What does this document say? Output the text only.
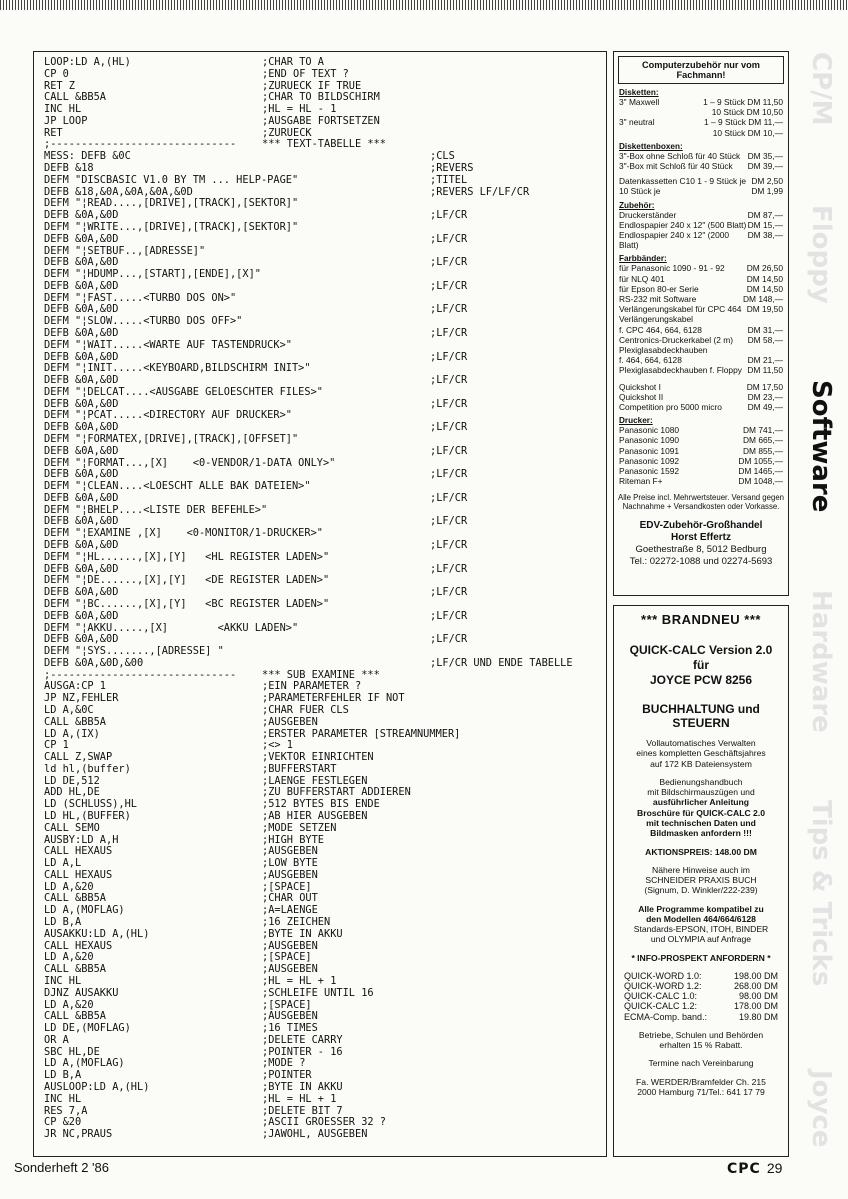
LOOP:LD A,(HL)	;CHAR TO A
CP 0	;END OF TEXT ?
RET Z	;ZURUECK IF TRUE
CALL &BB5A	;CHAR TO BILDSCHIRM
INC HL	;HL = HL - 1
JP LOOP	;AUSGABE FORTSETZEN
RET	;ZURUECK
;------------------------------	*** TEXT-TABELLE ***
MESS: DEFB &0C	;CLS
DEFB &18	;REVERS
DEFM "DISCBASIC V1.0 BY TM ... HELP-PAGE"	;TITEL
DEFB &18,&0A,&0A,&0A,&0D	;REVERS LF/LF/CR
DEFM "¦READ....,[DRIVE],[TRACK],[SEKTOR]"
DEFB &0A,&0D	;LF/CR
DEFM "¦WRITE...,[DRIVE],[TRACK],[SEKTOR]"
DEFB &0A,&0D	;LF/CR
DEFM "¦SETBUF..,[ADRESSE]"
DEFB &0A,&0D	;LF/CR
DEFM "¦HDUMP...,[START],[ENDE],[X]"
DEFB &0A,&0D	;LF/CR
DEFM "¦FAST.....<TURBO DOS ON>"
DEFB &0A,&0D	;LF/CR
DEFM "¦SLOW.....<TURBO DOS OFF>"
DEFB &0A,&0D	;LF/CR
DEFM "¦WAIT.....<WARTE AUF TASTENDRUCK>"
DEFB &0A,&0D	;LF/CR
DEFM "¦INIT.....<KEYBOARD,BILDSCHIRM INIT>"
DEFB &0A,&0D	;LF/CR
DEFM "¦DELCAT....<AUSGABE GELOESCHTER FILES>"
DEFB &0A,&0D	;LF/CR
DEFM "¦PCAT.....<DIRECTORY AUF DRUCKER>"
DEFB &0A,&0D	;LF/CR
DEFM "¦FORMATEX,[DRIVE],[TRACK],[OFFSET]"
DEFB &0A,&0D	;LF/CR
DEFM "¦FORMAT...,[X]    <0-VENDOR/1-DATA ONLY>"
DEFB &0A,&0D	;LF/CR
DEFM "¦CLEAN....<LOESCHT ALLE BAK DATEIEN>"
DEFB &0A,&0D	;LF/CR
DEFM "¦BHELP....<LISTE DER BEFEHLE>"
DEFB &0A,&0D	;LF/CR
DEFM "¦EXAMINE ,[X]    <0-MONITOR/1-DRUCKER>"
DEFB &0A,&0D	;LF/CR
DEFM "¦HL......,[X],[Y]   <HL REGISTER LADEN>"
DEFB &0A,&0D	;LF/CR
DEFM "¦DE......,[X],[Y]   <DE REGISTER LADEN>"
DEFB &0A,&0D	;LF/CR
DEFM "¦BC......,[X],[Y]   <BC REGISTER LADEN>"
DEFB &0A,&0D	;LF/CR
DEFM "¦AKKU.....,[X]        <AKKU LADEN>"
DEFB &0A,&0D	;LF/CR
DEFM "¦SYS.......,[ADRESSE] "
DEFB &0A,&0D,&00	;LF/CR UND ENDE TABELLE
;------------------------------	*** SUB EXAMINE ***
AUSGA:CP 1	;EIN PARAMETER ?
JP NZ,FEHLER	;PARAMETERFEHLER IF NOT
LD A,&0C	;CHAR FUER CLS
CALL &BB5A	;AUSGEBEN
LD A,(IX)	;ERSTER PARAMETER [STREAMNUMMER]
CP 1	;<> 1
CALL Z,SWAP	;VEKTOR EINRICHTEN
ld hl,(buffer)	;BUFFERSTART
LD DE,512	;LAENGE FESTLEGEN
ADD HL,DE	;ZU BUFFERSTART ADDIEREN
LD (SCHLUSS),HL	;512 BYTES BIS ENDE
LD HL,(BUFFER)	;AB HIER AUSGEBEN
CALL SEMO	;MODE SETZEN
AUSBY:LD A,H	;HIGH BYTE
CALL HEXAUS	;AUSGEBEN
LD A,L	;LOW BYTE
CALL HEXAUS	;AUSGEBEN
LD A,&20	;[SPACE]
CALL &BB5A	;CHAR OUT
LD A,(MOFLAG)	;A=LAENGE
LD B,A	;16 ZEICHEN
AUSAKKU:LD A,(HL)	;BYTE IN AKKU
CALL HEXAUS	;AUSGEBEN
LD A,&20	;[SPACE]
CALL &BB5A	;AUSGEBEN
INC HL	;HL = HL + 1
DJNZ AUSAKKU	;SCHLEIFE UNTIL 16
LD A,&20	;[SPACE]
CALL &BB5A	;AUSGEBEN
LD DE,(MOFLAG)	;16 TIMES
OR A	;DELETE CARRY
SBC HL,DE	;POINTER - 16
LD A,(MOFLAG)	;MODE ?
LD B,A	;POINTER
AUSLOOP:LD A,(HL)	;BYTE IN AKKU
INC HL	;HL = HL + 1
RES 7,A	;DELETE BIT 7
CP &20	;ASCII GROESSER 32 ?
JR NC,PRAUS	;JAWOHL, AUSGEBEN
Computerzubehör nur vom Fachmann!
Disketten:
3" Maxwell	1 – 9 Stück DM 11,50
10 Stück DM 10,50
3" neutral	1 – 9 Stück DM 11,—
10 Stück DM 10,—
Diskettenboxen:
3"-Box ohne Schloß für 40 Stück DM 35,—
3"-Box mit Schloß für 40 Stück DM 39,—
Datenkassetten C10 1 - 9 Stück je DM 2,50
10 Stück je	DM 1,99
Zubehör:
Druckerständer	DM 87,—
Endlospapier 240 x 12" (500 Blatt) DM 15,—
Endlospapier 240 x 12" (2000 Blatt)
DM 38,—
Farbbänder:
für Panasonic 1090 - 91 - 92	DM 26,50
für NLQ 401	DM 14,50
für Epson 80-er Serie	DM 14,50
RS-232 mit Software	DM 148,—
Verlängerungskabel für CPC 464 DM 19,50
Verlängerungskabel
f. CPC 464, 664, 6128	DM 31,—
Centronics-Druckerkabel (2 m) DM 58,—
Plexiglasabdeckhauben
f. 464, 664, 6128	DM 21,—
Plexiglasabdeckhauben f. Floppy DM 11,50
Quickshot I	DM 17,50
Quickshot II	DM 23,—
Competition pro 5000 micro	DM 49,—
Drucker:
Panasonic 1080	DM 741,—
Panasonic 1090	DM 665,—
Panasonic 1091	DM 855,—
Panasonic 1092	DM 1055,—
Panasonic 1592	DM 1465,—
Riteman F+	DM 1048,—
Alle Preise incl. Mehrwertsteuer. Versand gegen Nachnahme + Versandkosten oder Vorkasse.
EDV-Zubehör-Großhandel
Horst Effertz
Goethestraße 8, 5012 Bedburg
Tel.: 02272-1088 und 02274-5693
*** BRANDNEU ***
QUICK-CALC Version 2.0
für
JOYCE PCW 8256
BUCHHALTUNG und STEUERN
Vollautomatisches Verwalten
eines kompletten Geschäftsjahres
auf 172 KB Dateiensystem
Bedienungshandbuch
mit Bildschirmauszügen und
ausführlicher Anleitung
Broschüre für QUICK-CALC 2.0
mit technischen Daten und
Bildmasken anfordern !!!
AKTIONSPREIS: 148.00 DM
Nähere Hinweise auch im
SCHNEIDER PRAXIS BUCH
(Signum, D. Winkler/222-239)
Alle Programme kompatibel zu
den Modellen 464/664/6128
Standards-EPSON, ITOH, BINDER
und OLYMPIA auf Anfrage
* INFO-PROSPEKT ANFORDERN *
QUICK-WORD 1.0:	198.00 DM
QUICK-WORD 1.2:	268.00 DM
QUICK-CALC 1.0:	98.00 DM
QUICK-CALC 1.2:	178.00 DM
ECMA-Comp. band.:	19.80 DM
Betriebe, Schulen und Behörden
erhalten 15 % Rabatt.
Termine nach Vereinbarung
Fa. WERDER/Bramfelder Ch. 215
2000 Hamburg 71/Tel.: 641 17 79
CP/M
Floppy
Software
Hardware
Tips & Tricks
Joyce
Sonderheft 2 '86	CPC 29
